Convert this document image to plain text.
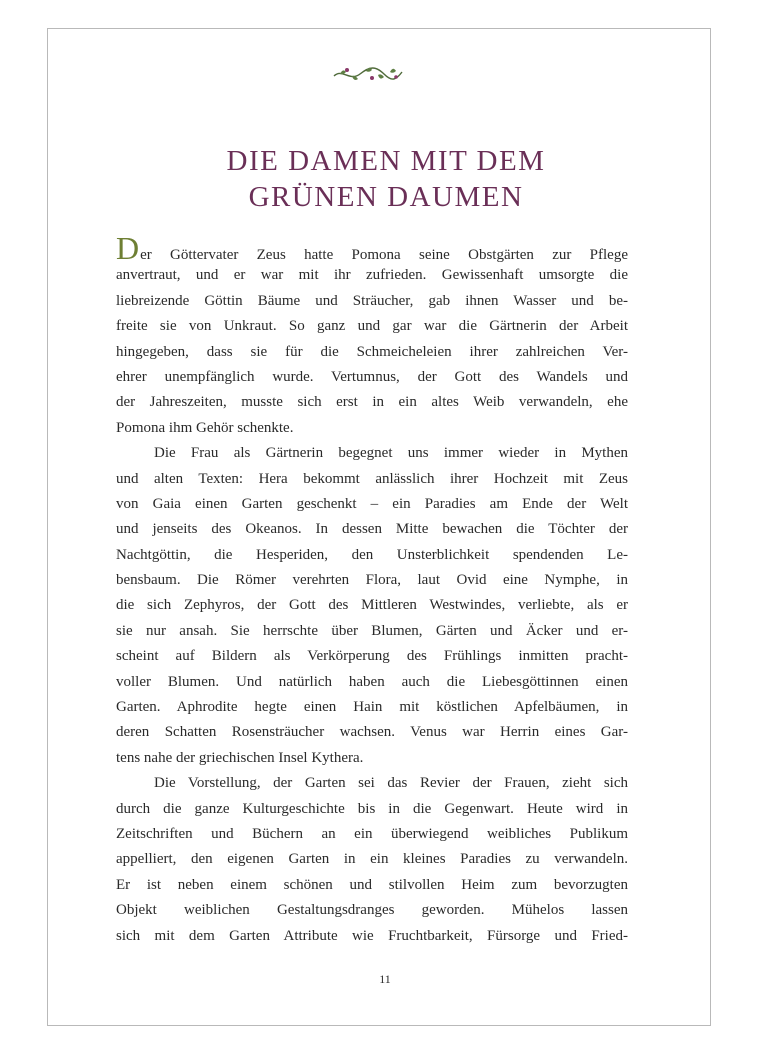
DIE DAMEN MIT DEM
GRÜNEN DAUMEN

Der Göttervater Zeus hatte Pomona seine Obstgärten zur Pflege
anvertraut, und er war mit ihr zufrieden. Gewissenhaft umsorgte die
liebreizende Göttin Bäume und Sträucher, gab ihnen Wasser und be-
freite sie von Unkraut. So ganz und gar war die Gärtnerin der Arbeit
hingegeben, dass sie für die Schmeicheleien ihrer zahlreichen Ver-
ehrer unempfänglich wurde. Vertumnus, der Gott des Wandels und
der Jahreszeiten, musste sich erst in ein altes Weib verwandeln, ehe
Pomona ihm Gehör schenkte.

Die Frau als Gärtnerin begegnet uns immer wieder in Mythen
und alten Texten: Hera bekommt anlässlich ihrer Hochzeit mit Zeus
von Gaia einen Garten geschenkt – ein Paradies am Ende der Welt
und jenseits des Okeanos. In dessen Mitte bewachen die Töchter der
Nachtgöttin, die Hesperiden, den Unsterblichkeit spendenden Le-
bensbaum. Die Römer verehrten Flora, laut Ovid eine Nymphe, in
die sich Zephyros, der Gott des Mittleren Westwindes, verliebte, als er
sie nur ansah. Sie herrschte über Blumen, Gärten und Äcker und er-
scheint auf Bildern als Verkörperung des Frühlings inmitten pracht-
voller Blumen. Und natürlich haben auch die Liebesgöttinnen einen
Garten. Aphrodite hegte einen Hain mit köstlichen Apfelbäumen, in
deren Schatten Rosensträucher wachsen. Venus war Herrin eines Gar-
tens nahe der griechischen Insel Kythera.

Die Vorstellung, der Garten sei das Revier der Frauen, zieht sich
durch die ganze Kulturgeschichte bis in die Gegenwart. Heute wird in
Zeitschriften und Büchern an ein überwiegend weibliches Publikum
appelliert, den eigenen Garten in ein kleines Paradies zu verwandeln.
Er ist neben einem schönen und stilvollen Heim zum bevorzugten
Objekt weiblichen Gestaltungsdranges geworden. Mühelos lassen
sich mit dem Garten Attribute wie Fruchtbarkeit, Fürsorge und Fried-

11
